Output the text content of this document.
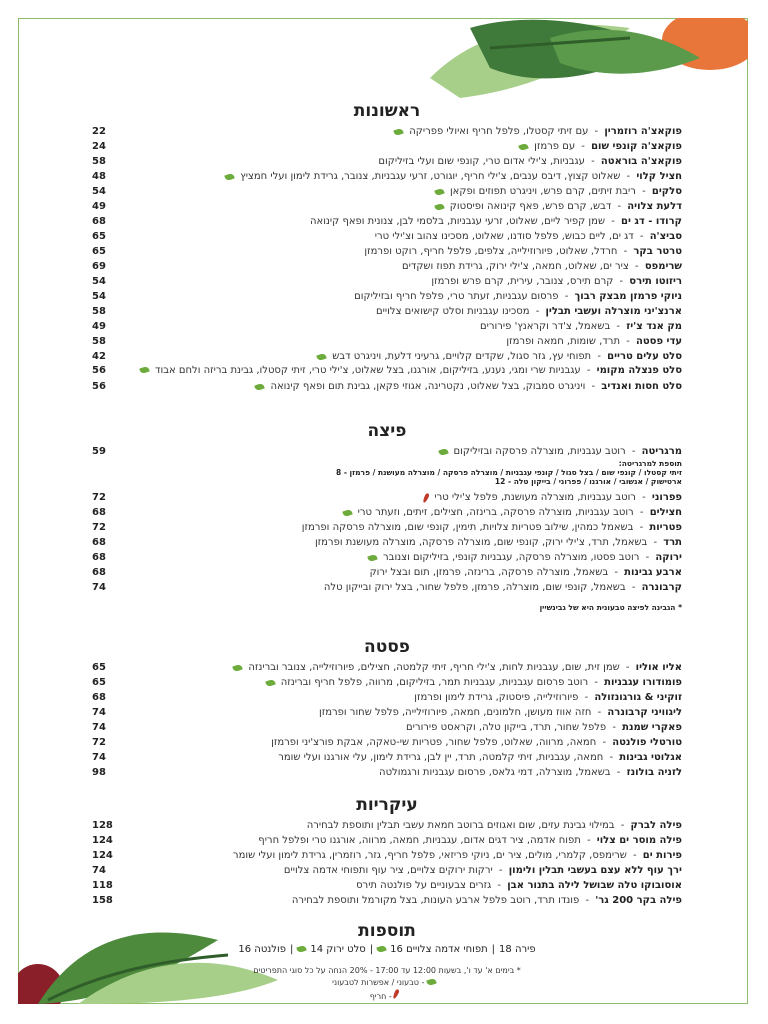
ראשונות
פוקאצ'ה רוזמרין
-
עם זיתי קסטלו, פלפל חריף ואיולי פפריקה
22
פוקאצ'ה קונפי שום
-
עם פרמזן
24
פוקאצ'ה בוראטה
-
עגבניות, צ'ילי אדום טרי, קונפי שום ועלי בזיליקום
58
חציל קלוי
-
שאלוט קצוץ, דיבס ענבים, צ'ילי חריף, יוגורט, זרעי עגבניות, צנובר, גרידת לימון ועלי חמציץ
48
סלקים
-
ריבת זיתים, קרם פרש, ויניגרט תפוזים ופקאן
54
דלעת צלויה
-
דבש, קרם פרש, פאף קינואה ופיסטוק
49
קרודו - דג ים
-
שמן קפיר ליים, שאלוט, זרעי עגבניות, בלסמי לבן, צנונית ופאף קינואה
68
סביצ'ה
-
דג ים, ליים כבוש, פלפל סודנו, שאלוט, מסכינו צהוב וצ'ילי טרי
65
טרטר בקר
-
חרדל, שאלוט, פיורוזילייה, צלפים, פלפל חריף, רוקט ופרמזן
65
שרימפס
-
ציר ים, שאלוט, חמאה, צ'ילי ירוק, גרידת תפוז ושקדים
69
ריזוטו תירס
-
קרם תירס, צנובר, עירית, קרם פרש ופרמזן
54
ניוקי פרמזן מבצק רבוך
-
פרסום עגבניות, זעתר טרי, פלפל חריף ובזיליקום
54
ארנצ'יני מוצרלה ועשבי תבלין
-
מסכינו עגבניות וסלט קישואים צלויים
58
מק אנד צ'יז
-
בשאמל, צ'דר וקראנץ' פירורים
49
עדי פסטה
-
תרד, שומות, חמאה ופרמזן
58
סלט עלים טריים
-
תפוחי עץ, גזר סגול, שקדים קלויים, גרעיני דלעת, ויניגרט דבש
42
סלט פנצלה מקומי - עגבניות שרי ומגי, נענע, בזיליקום, אורגנו, בצל שאלוט, צ'ילי טרי, זיתי קסטלו, גבינת בריזה ולחם אבוד
56
סלט חסות ואנדיב
-
ויניגרט סמבוק, בצל שאלוט, נקטרינה, אגוזי פקאן, גבינת תום ופאף קינואה
56
פיצה
מרגריטה
-
רוטב עגבניות, מוצרלה פרסקה ובזיליקום
59
תוספת למרגריטה:
זיתי קסטלו / קונפי שום / בצל סגול / קונפי עגבניות / מוצרלה פרסקה / מוצרלה מעושנת / פרמזן - 8
ארטישוק / אנשובי / אורגנו / פפרוני / בייקון טלה - 12
פפרוני
-
רוטב עגבניות, מוצרלה מעושנת, פלפל צ'ילי טרי
72
חצילים
-
רוטב עגבניות, מוצרלה פרסקה, ברינזה, חצילים, זיתים, וזעתר טרי
68
פטריות
-
בשאמל כמהין, שילוב פטריות צלויות, תימין, קונפי שום, מוצרלה פרסקה ופרמזן
72
תרד
-
בשאמל, תרד, צ'ילי ירוק, קונפי שום, מוצרלה פרסקה, מוצרלה מעושנת ופרמזן
68
ירוקה
-
רוטב פסטו, מוצרלה פרסקה, עגבניות קונפי, בזיליקום וצנובר
68
ארבע גבינות
-
בשאמל, מוצרלה פרסקה, ברינזה, פרמזן, תום ובצל ירוק
68
קרבונרה
-
בשאמל, קונפי שום, מוצרלה, פרמזן, פלפל שחור, בצל ירוק ובייקון טלה
74
* הגבינה לפיצה טבעונית היא של גבינשיין
פסטה
אליו אוליו
-
שמן זית, שום, עגבניות לחות, צ'ילי חריף, זיתי קלמטה, חצילים, פיורוזילייה, צנובר וברינזה
65
פומודורו עגבניות
-
רוטב פרסום עגבניות, עגבניות תמר, בזיליקום, מרווה, פלפל חריף וברינזה
65
זוקיני & גורגונזולה
-
פיורוזילייה, פיסטוק, גרידת לימון ופרמזן
68
ליגוויני קרבונרה
-
חזה אווז מעושן, חלמונים, חמאה, פיורוזילייה, פלפל שחור ופרמזן
74
פאקרי שמנת
-
פלפל שחור, תרד, בייקון טלה, וקראסט פירורים
74
טורטלי פולנטה
-
חמאה, מרווה, שאלוט, פלפל שחור, פטריות שי-טאקה, אבקת פורצ'יני ופרמזן
72
אגלוטי גבינות
-
חמאה, עגבניות, זיתי קלמטה, תרד, יין לבן, גרידת לימון, עלי אורגנו ועלי שומר
74
לזניה בולונז
-
בשאמל, מוצרלה, דמי גלאס, פרסום עגבניות ורגמולטה
98
עיקריות
פילה לברק
-
במילוי גבינת עזים, שום ואגוזים ברוטב חמאת עשבי תבלין ותוספת לבחירה
128
פילה מוסר ים צלוי
-
תפוח אדמה, ציר דגים אדום, עגבניות, חמאה, מרווה, אורגנו טרי ופלפל חריף
124
פירות ים
-
שרימפס, קלמרי, מולים, ציר ים, ניוקי פריזאי, פלפל חריף, גזר, רוזמרין, גרידת לימון ועלי שומר
124
ירך עוף ללא עצם בעשבי תבלין ולימון
-
ירקות ירוקים צלויים, ציר עוף ותפוחי אדמה צלויים
74
אוסובוקו טלה שבושל לילה בתנור אבן
-
גזרים צבעוניים על פולנטה תירס
118
פילה בקר 200 גר'
-
פונדו תרד, רוטב פלפל ארבע העונות, בצל מקורמל ותוספת לבחירה
158
תוספות
פירה 18|תפוחי אדמה צלויים 16|סלט ירוק 14|פולנטה 16
* בימים א' עד ו', בשעות 12:00 עד 17:00 - 20% הנחה על כל סוגי התפריטים
- טבעוני / אפשרות לטבעוני
- חריף
